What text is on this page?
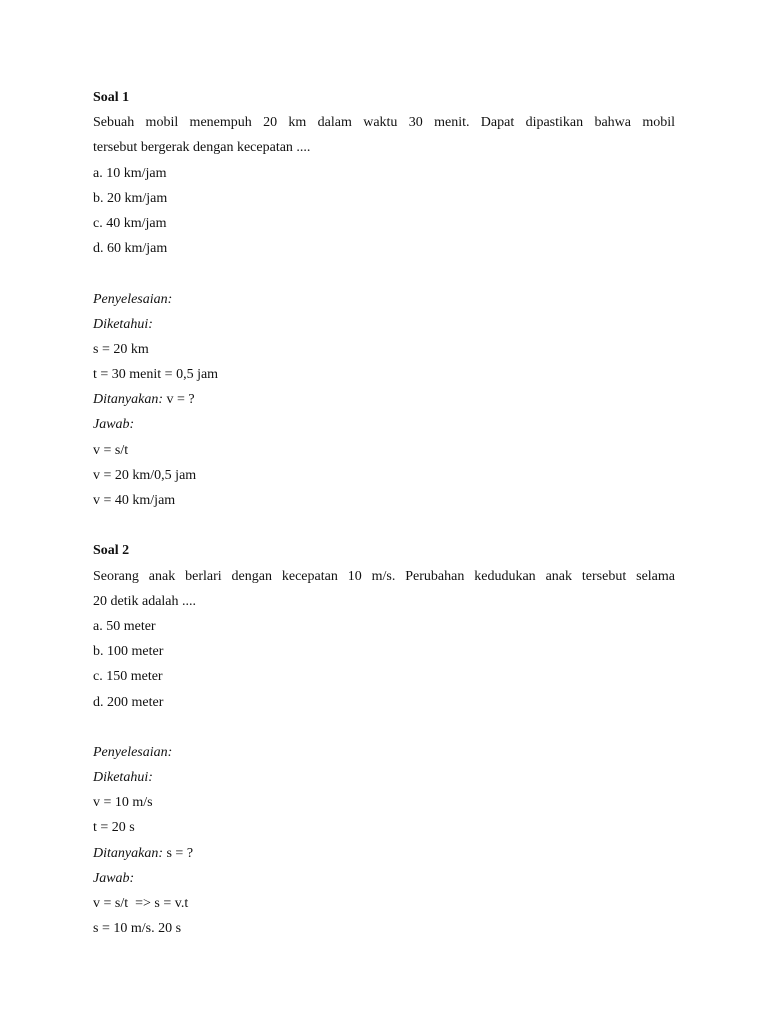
Soal 1
Sebuah mobil menempuh 20 km dalam waktu 30 menit. Dapat dipastikan bahwa mobil
tersebut bergerak dengan kecepatan ....
a. 10 km/jam
b. 20 km/jam
c. 40 km/jam
d. 60 km/jam
Penyelesaian:
Diketahui:
s = 20 km
t = 30 menit = 0,5 jam
Ditanyakan: v = ?
Jawab:
v = s/t
v = 20 km/0,5 jam
v = 40 km/jam
Soal 2
Seorang anak berlari dengan kecepatan 10 m/s. Perubahan kedudukan anak tersebut selama
20 detik adalah ....
a. 50 meter
b. 100 meter
c. 150 meter
d. 200 meter
Penyelesaian:
Diketahui:
v = 10 m/s
t = 20 s
Ditanyakan: s = ?
Jawab:
v = s/t  => s = v.t
s = 10 m/s. 20 s
